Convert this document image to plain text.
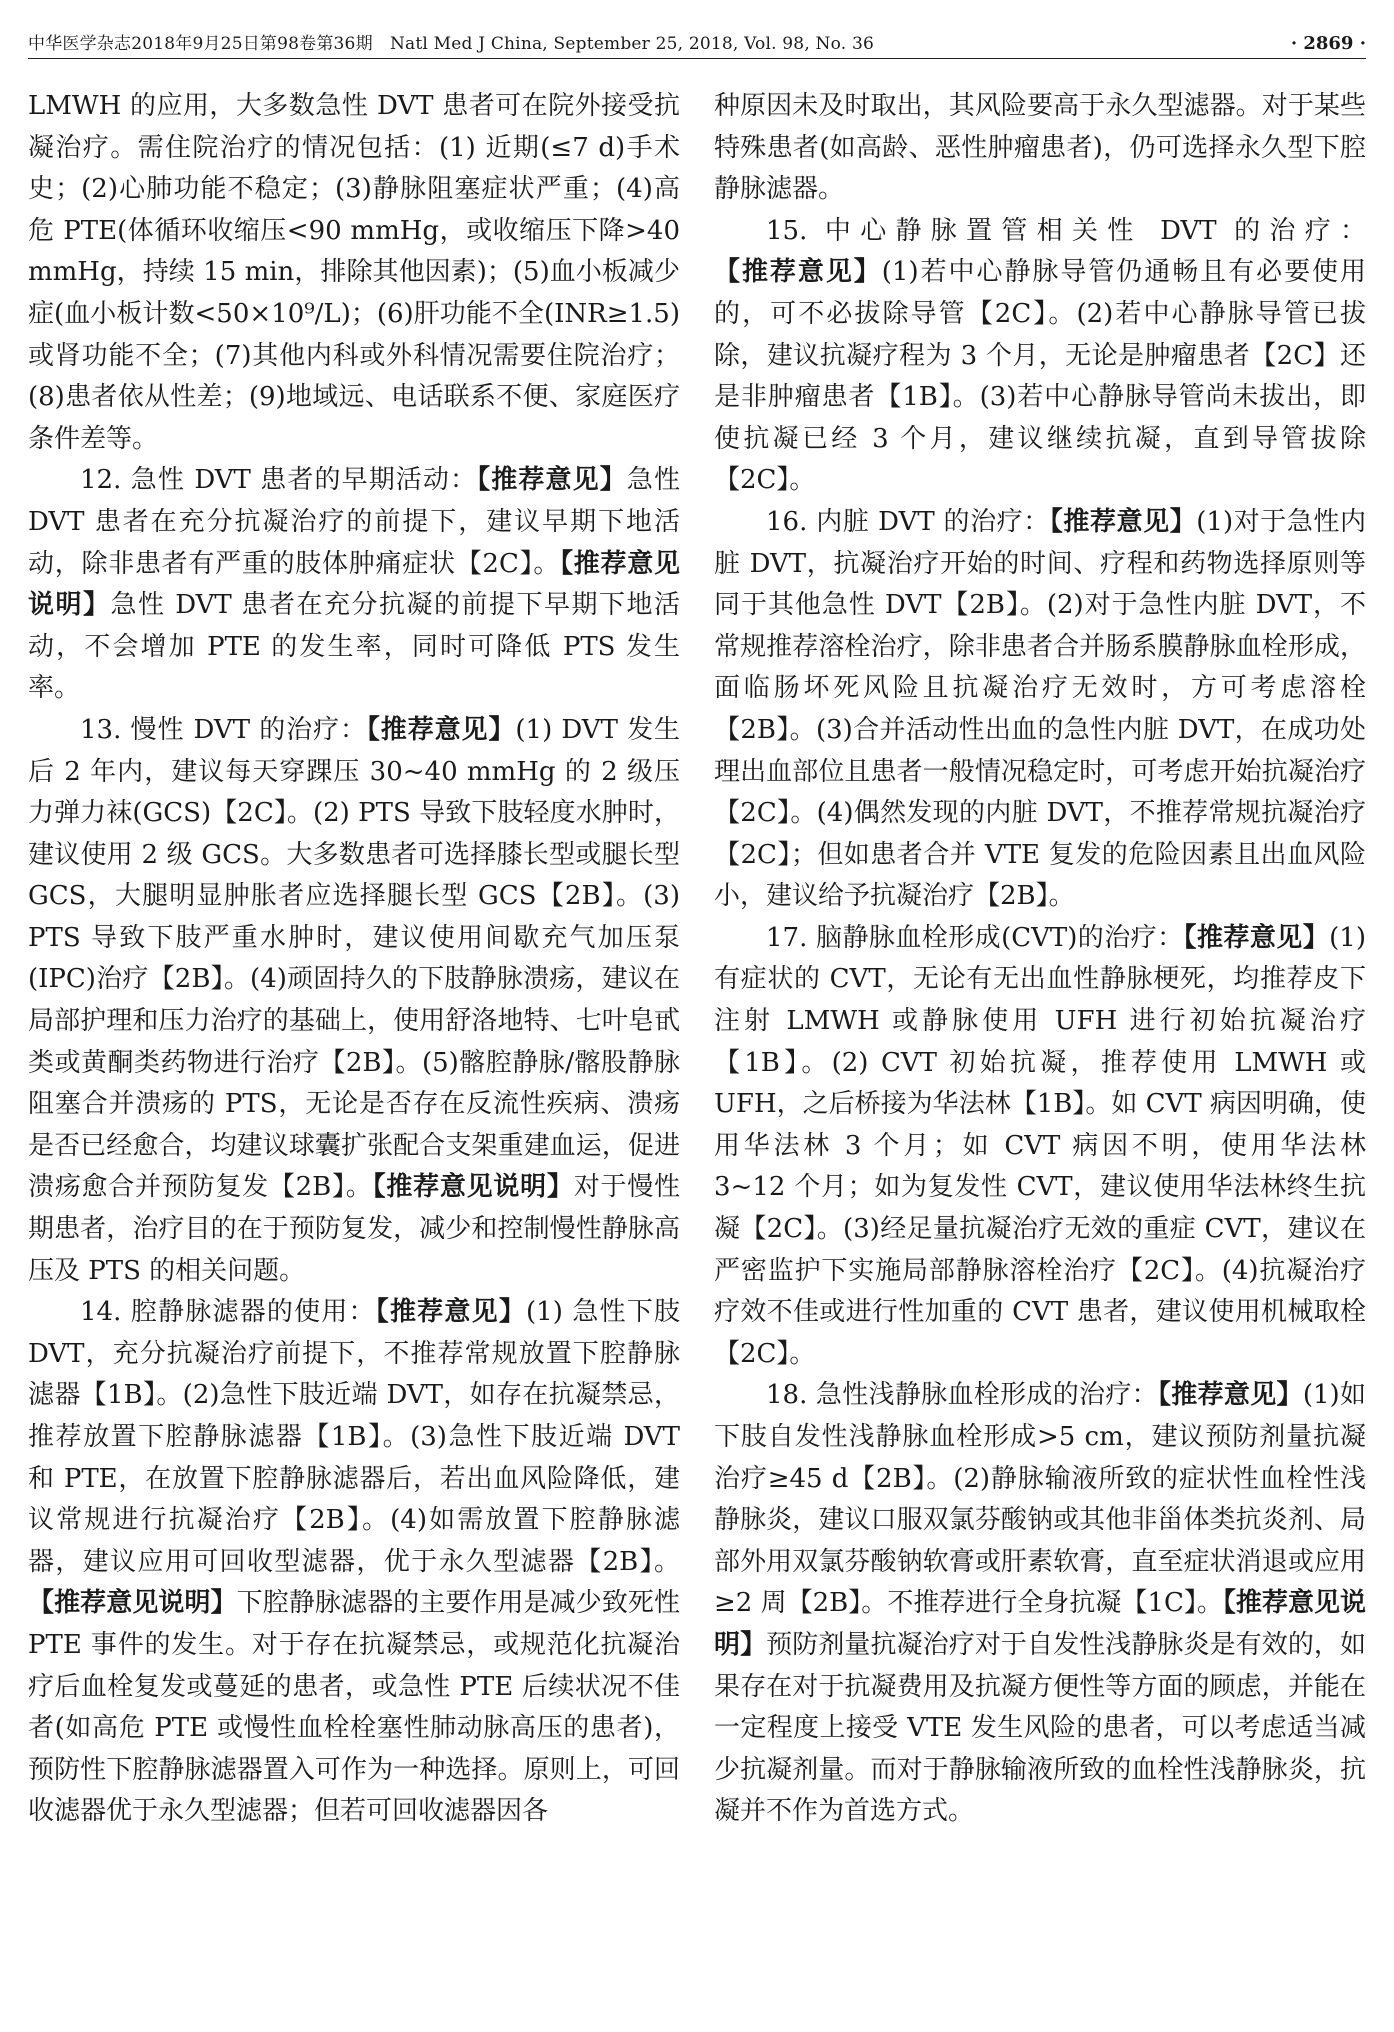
中华医学杂志2018年9月25日第98卷第36期　Natl Med J China, September 25, 2018, Vol. 98, No. 36	· 2869 ·

LMWH 的应用，大多数急性 DVT 患者可在院外接受抗凝治疗。需住院治疗的情况包括：(1) 近期(≤7 d)手术史；(2)心肺功能不稳定；(3)静脉阻塞症状严重；(4)高危 PTE(体循环收缩压<90 mmHg，或收缩压下降>40 mmHg，持续 15 min，排除其他因素)；(5)血小板减少症(血小板计数<50×10⁹/L)；(6)肝功能不全(INR≥1.5)或肾功能不全；(7)其他内科或外科情况需要住院治疗；(8)患者依从性差；(9)地域远、电话联系不便、家庭医疗条件差等。

12. 急性 DVT 患者的早期活动：【推荐意见】急性 DVT 患者在充分抗凝治疗的前提下，建议早期下地活动，除非患者有严重的肢体肿痛症状【2C】。【推荐意见说明】急性 DVT 患者在充分抗凝的前提下早期下地活动，不会增加 PTE 的发生率，同时可降低 PTS 发生率。

13. 慢性 DVT 的治疗：【推荐意见】(1) DVT 发生后 2 年内，建议每天穿踝压 30~40 mmHg 的 2 级压力弹力袜(GCS)【2C】。(2) PTS 导致下肢轻度水肿时，建议使用 2 级 GCS。大多数患者可选择膝长型或腿长型 GCS，大腿明显肿胀者应选择腿长型 GCS【2B】。(3) PTS 导致下肢严重水肿时，建议使用间歇充气加压泵(IPC)治疗【2B】。(4)顽固持久的下肢静脉溃疡，建议在局部护理和压力治疗的基础上，使用舒洛地特、七叶皂甙类或黄酮类药物进行治疗【2B】。(5)髂腔静脉/髂股静脉阻塞合并溃疡的 PTS，无论是否存在反流性疾病、溃疡是否已经愈合，均建议球囊扩张配合支架重建血运，促进溃疡愈合并预防复发【2B】。【推荐意见说明】对于慢性期患者，治疗目的在于预防复发，减少和控制慢性静脉高压及 PTS 的相关问题。

14. 腔静脉滤器的使用：【推荐意见】(1) 急性下肢 DVT，充分抗凝治疗前提下，不推荐常规放置下腔静脉滤器【1B】。(2)急性下肢近端 DVT，如存在抗凝禁忌，推荐放置下腔静脉滤器【1B】。(3)急性下肢近端 DVT 和 PTE，在放置下腔静脉滤器后，若出血风险降低，建议常规进行抗凝治疗【2B】。(4)如需放置下腔静脉滤器，建议应用可回收型滤器，优于永久型滤器【2B】。【推荐意见说明】下腔静脉滤器的主要作用是减少致死性 PTE 事件的发生。对于存在抗凝禁忌，或规范化抗凝治疗后血栓复发或蔓延的患者，或急性 PTE 后续状况不佳者(如高危 PTE 或慢性血栓栓塞性肺动脉高压的患者)，预防性下腔静脉滤器置入可作为一种选择。原则上，可回收滤器优于永久型滤器；但若可回收滤器因各

种原因未及时取出，其风险要高于永久型滤器。对于某些特殊患者(如高龄、恶性肿瘤患者)，仍可选择永久型下腔静脉滤器。

15. 中心静脉置管相关性 DVT 的治疗：【推荐意见】(1)若中心静脉导管仍通畅且有必要使用的，可不必拔除导管【2C】。(2)若中心静脉导管已拔除，建议抗凝疗程为 3 个月，无论是肿瘤患者【2C】还是非肿瘤患者【1B】。(3)若中心静脉导管尚未拔出，即使抗凝已经 3 个月，建议继续抗凝，直到导管拔除【2C】。

16. 内脏 DVT 的治疗：【推荐意见】(1)对于急性内脏 DVT，抗凝治疗开始的时间、疗程和药物选择原则等同于其他急性 DVT【2B】。(2)对于急性内脏 DVT，不常规推荐溶栓治疗，除非患者合并肠系膜静脉血栓形成，面临肠坏死风险且抗凝治疗无效时，方可考虑溶栓【2B】。(3)合并活动性出血的急性内脏 DVT，在成功处理出血部位且患者一般情况稳定时，可考虑开始抗凝治疗【2C】。(4)偶然发现的内脏 DVT，不推荐常规抗凝治疗【2C】；但如患者合并 VTE 复发的危险因素且出血风险小，建议给予抗凝治疗【2B】。

17. 脑静脉血栓形成(CVT)的治疗：【推荐意见】(1)有症状的 CVT，无论有无出血性静脉梗死，均推荐皮下注射 LMWH 或静脉使用 UFH 进行初始抗凝治疗【1B】。(2) CVT 初始抗凝，推荐使用 LMWH 或 UFH，之后桥接为华法林【1B】。如 CVT 病因明确，使用华法林 3 个月；如 CVT 病因不明，使用华法林 3~12 个月；如为复发性 CVT，建议使用华法林终生抗凝【2C】。(3)经足量抗凝治疗无效的重症 CVT，建议在严密监护下实施局部静脉溶栓治疗【2C】。(4)抗凝治疗疗效不佳或进行性加重的 CVT 患者，建议使用机械取栓【2C】。

18. 急性浅静脉血栓形成的治疗：【推荐意见】(1)如下肢自发性浅静脉血栓形成>5 cm，建议预防剂量抗凝治疗≥45 d【2B】。(2)静脉输液所致的症状性血栓性浅静脉炎，建议口服双氯芬酸钠或其他非甾体类抗炎剂、局部外用双氯芬酸钠软膏或肝素软膏，直至症状消退或应用≥2 周【2B】。不推荐进行全身抗凝【1C】。【推荐意见说明】预防剂量抗凝治疗对于自发性浅静脉炎是有效的，如果存在对于抗凝费用及抗凝方便性等方面的顾虑，并能在一定程度上接受 VTE 发生风险的患者，可以考虑适当减少抗凝剂量。而对于静脉输液所致的血栓性浅静脉炎，抗凝并不作为首选方式。
